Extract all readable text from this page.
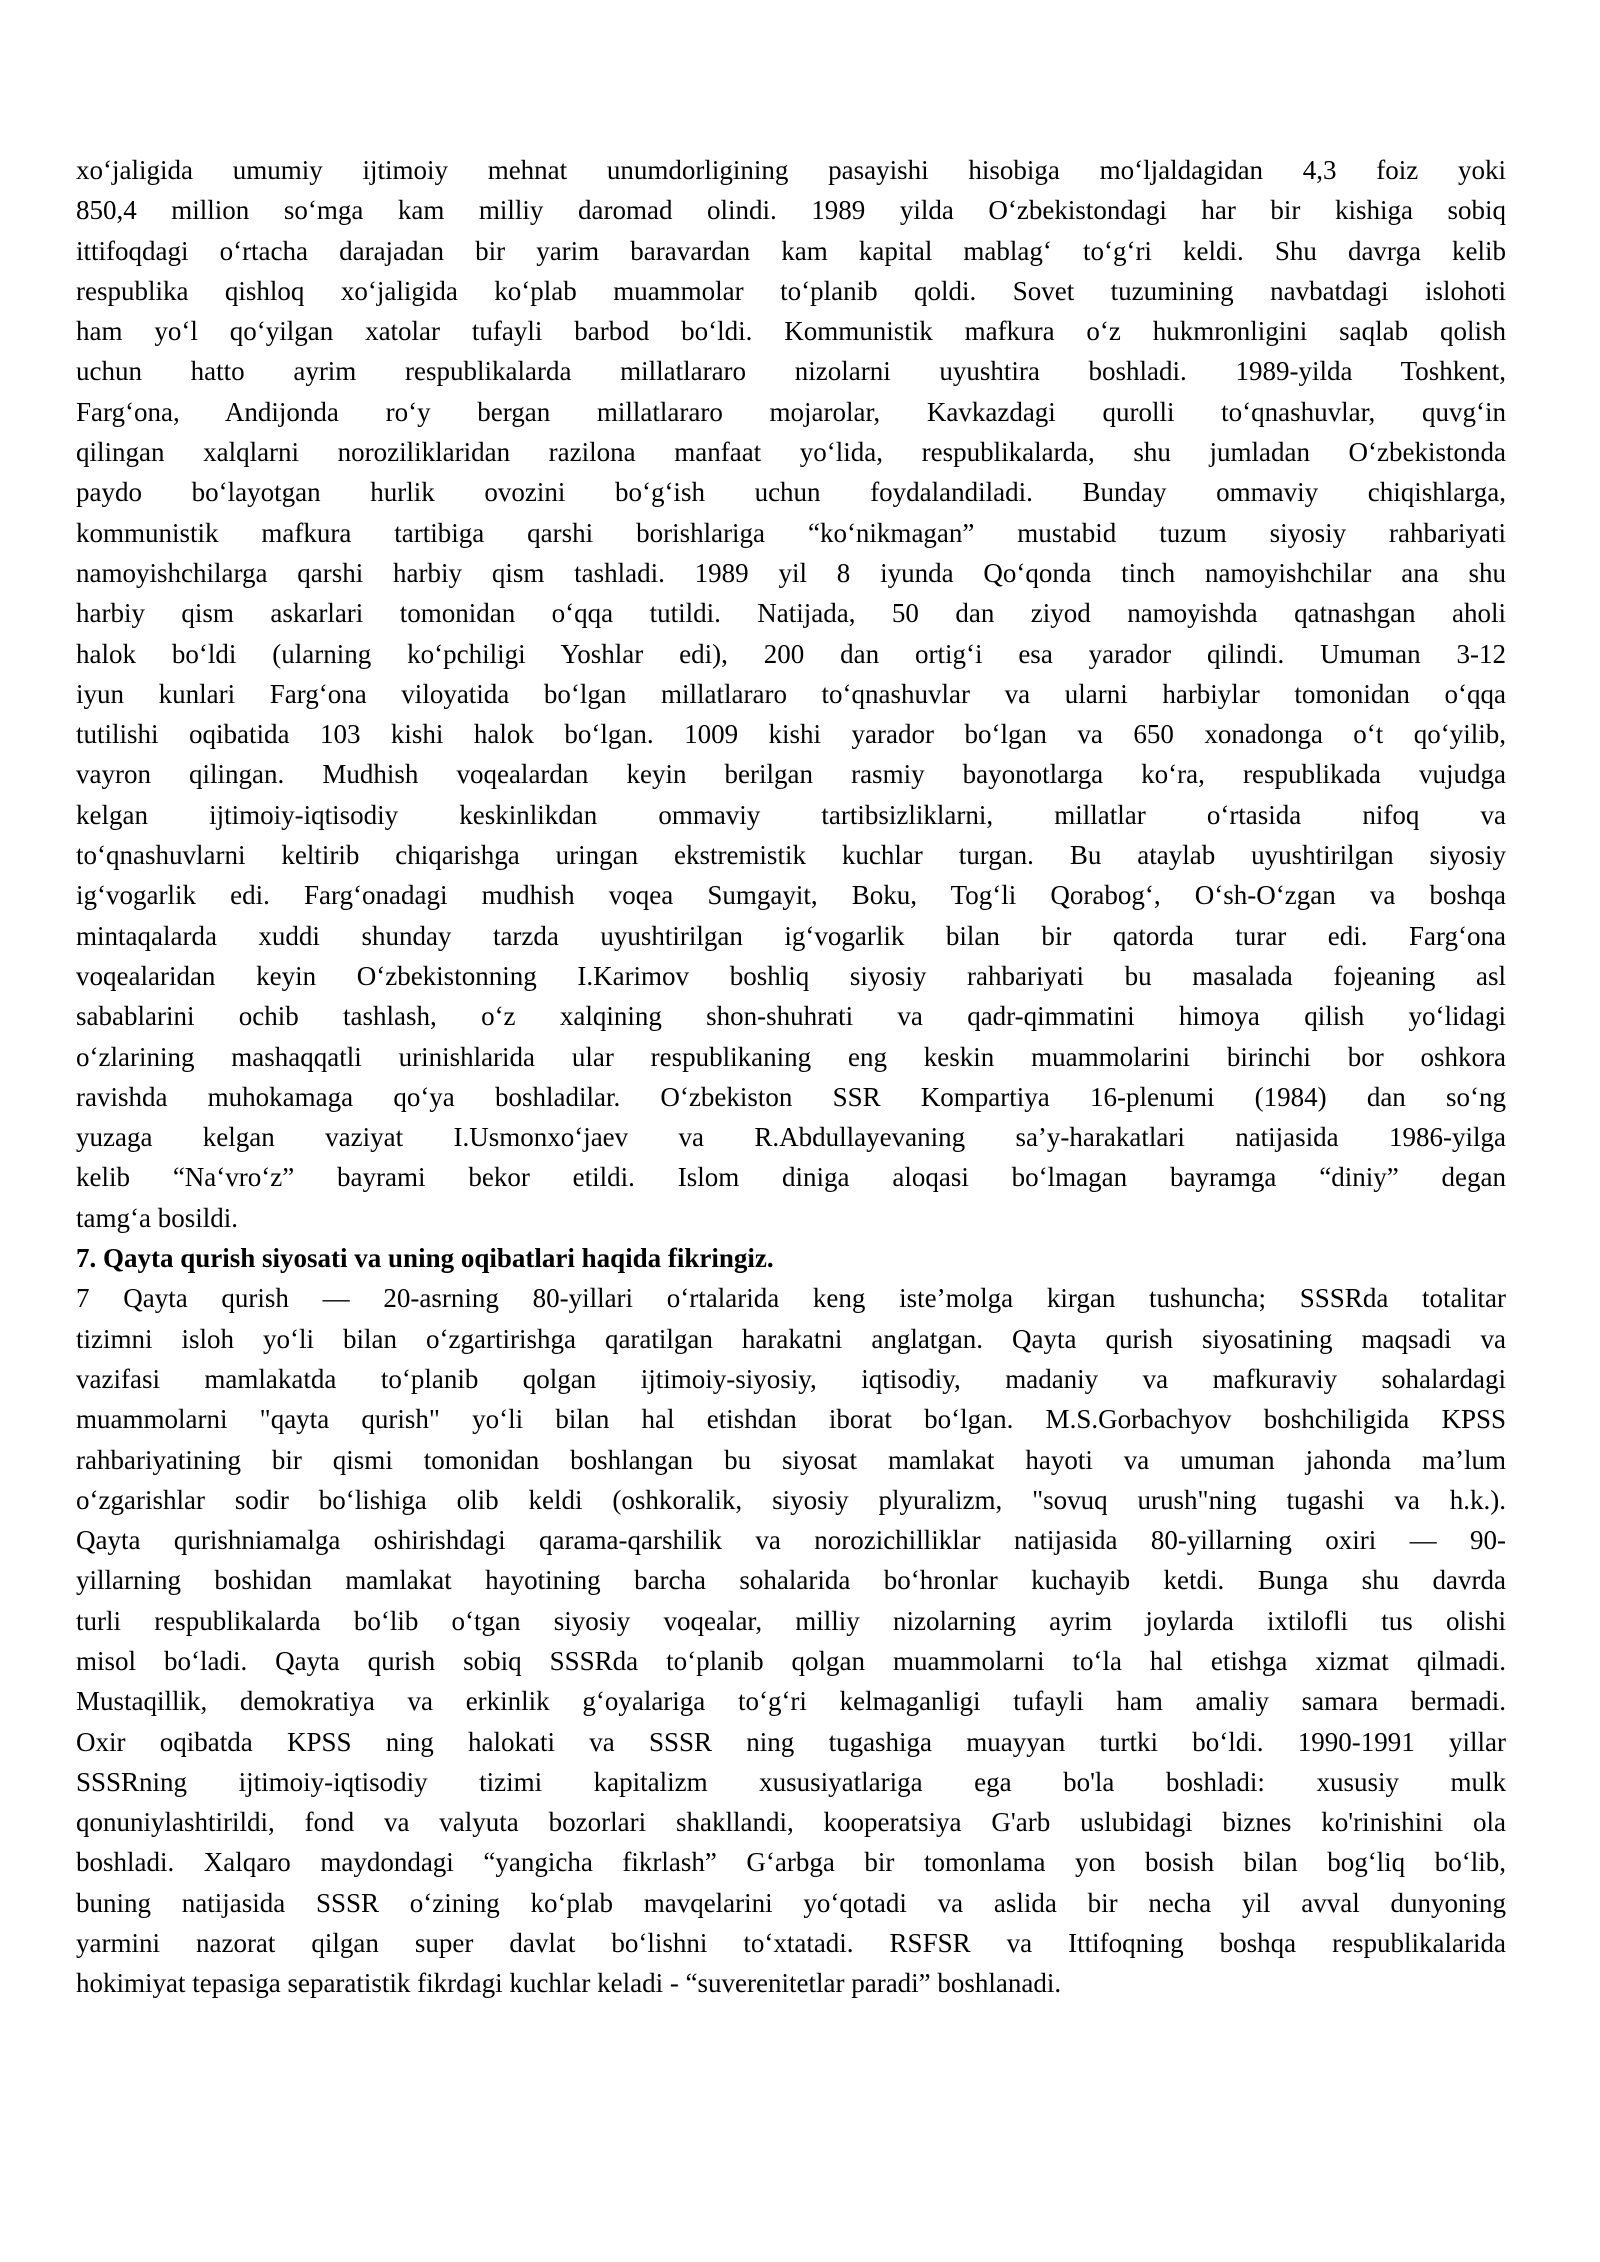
xo‘jaligida umumiy ijtimoiy mehnat unumdorligining pasayishi hisobiga mo‘ljaldagidan 4,3 foiz yoki
850,4 million so‘mga kam milliy daromad olindi. 1989 yilda O‘zbekistondagi har bir kishiga sobiq
ittifoqdagi o‘rtacha darajadan bir yarim baravardan kam kapital mablag‘ to‘g‘ri keldi. Shu davrga kelib
respublika qishloq xo‘jaligida ko‘plab muammolar to‘planib qoldi. Sovet tuzumining navbatdagi islohoti
ham yo‘l qo‘yilgan xatolar tufayli barbod bo‘ldi. Kommunistik mafkura o‘z hukmronligini saqlab qolish
uchun hatto ayrim respublikalarda millatlararo nizolarni uyushtira boshladi. 1989-yilda Toshkent,
Farg‘ona, Andijonda ro‘y bergan millatlararo mojarolar, Kavkazdagi qurolli to‘qnashuvlar, quvg‘in
qilingan xalqlarni noroziliklaridan razilona manfaat yo‘lida, respublikalarda, shu jumladan O‘zbekistonda
paydo bo‘layotgan hurlik ovozini bo‘g‘ish uchun foydalandiladi. Bunday ommaviy chiqishlarga,
kommunistik mafkura tartibiga qarshi borishlariga “ko‘nikmagan” mustabid tuzum siyosiy rahbariyati
namoyishchilarga qarshi harbiy qism tashladi. 1989 yil 8 iyunda Qo‘qonda tinch namoyishchilar ana shu
harbiy qism askarlari tomonidan o‘qqa tutildi. Natijada, 50 dan ziyod namoyishda qatnashgan aholi
halok bo‘ldi (ularning ko‘pchiligi Yoshlar edi), 200 dan ortig‘i esa yarador qilindi. Umuman 3-12
iyun kunlari Farg‘ona viloyatida bo‘lgan millatlararo to‘qnashuvlar va ularni harbiylar tomonidan o‘qqa
tutilishi oqibatida 103 kishi halok bo‘lgan. 1009 kishi yarador bo‘lgan va 650 xonadonga o‘t qo‘yilib,
vayron qilingan. Mudhish voqealardan keyin berilgan rasmiy bayonotlarga ko‘ra, respublikada vujudga
kelgan ijtimoiy-iqtisodiy keskinlikdan ommaviy tartibsizliklarni, millatlar o‘rtasida nifoq va
to‘qnashuvlarni keltirib chiqarishga uringan ekstremistik kuchlar turgan. Bu ataylab uyushtirilgan siyosiy
ig‘vogarlik edi. Farg‘onadagi mudhish voqea Sumgayit, Boku, Tog‘li Qorabog‘, O‘sh-O‘zgan va boshqa
mintaqalarda xuddi shunday tarzda uyushtirilgan ig‘vogarlik bilan bir qatorda turar edi. Farg‘ona
voqealaridan keyin O‘zbekistonning I.Karimov boshliq siyosiy rahbariyati bu masalada fojeaning asl
sabablarini ochib tashlash, o‘z xalqining shon-shuhrati va qadr-qimmatini himoya qilish yo‘lidagi
o‘zlarining mashaqqatli urinishlarida ular respublikaning eng keskin muammolarini birinchi bor oshkora
ravishda muhokamaga qo‘ya boshladilar. O‘zbekiston SSR Kompartiya 16-plenumi (1984) dan so‘ng
yuzaga kelgan vaziyat I.Usmonxo‘jaev va R.Abdullayevaning sa’y-harakatlari natijasida 1986-yilga
kelib “Na‘vro‘z” bayrami bekor etildi. Islom diniga aloqasi bo‘lmagan bayramga “diniy” degan
tamg‘a bosildi.
7. Qayta qurish siyosati va uning oqibatlari haqida fikringiz.
7 Qayta qurish — 20-asrning 80-yillari o‘rtalarida keng iste’molga kirgan tushuncha; SSSRda totalitar
tizimni isloh yo‘li bilan o‘zgartirishga qaratilgan harakatni anglatgan. Qayta qurish siyosatining maqsadi va
vazifasi mamlakatda to‘planib qolgan ijtimoiy-siyosiy, iqtisodiy, madaniy va mafkuraviy sohalardagi
muammolarni "qayta qurish" yo‘li bilan hal etishdan iborat bo‘lgan. M.S.Gorbachyov boshchiligida KPSS
rahbariyatining bir qismi tomonidan boshlangan bu siyosat mamlakat hayoti va umuman jahonda ma’lum
o‘zgarishlar sodir bo‘lishiga olib keldi (oshkoralik, siyosiy plyuralizm, "sovuq urush"ning tugashi va h.k.).
Qayta qurishniamalga oshirishdagi qarama-qarshilik va norozichilliklar natijasida 80-yillarning oxiri — 90-
yillarning boshidan mamlakat hayotining barcha sohalarida bo‘hronlar kuchayib ketdi. Bunga shu davrda
turli respublikalarda bo‘lib o‘tgan siyosiy voqealar, milliy nizolarning ayrim joylarda ixtilofli tus olishi
misol bo‘ladi. Qayta qurish sobiq SSSRda to‘planib qolgan muammolarni to‘la hal etishga xizmat qilmadi.
Mustaqillik, demokratiya va erkinlik g‘oyalariga to‘g‘ri kelmaganligi tufayli ham amaliy samara bermadi.
Oxir oqibatda KPSS ning halokati va SSSR ning tugashiga muayyan turtki bo‘ldi. 1990-1991 yillar
SSSRning ijtimoiy-iqtisodiy tizimi kapitalizm xususiyatlariga ega bo'la boshladi: xususiy mulk
qonuniylashtirildi, fond va valyuta bozorlari shakllandi, kooperatsiya G'arb uslubidagi biznes ko'rinishini ola
boshladi. Xalqaro maydondagi “yangicha fikrlash” G‘arbga bir tomonlama yon bosish bilan bog‘liq bo‘lib,
buning natijasida SSSR o‘zining ko‘plab mavqelarini yo‘qotadi va aslida bir necha yil avval dunyoning
yarmini nazorat qilgan super davlat bo‘lishni to‘xtatadi. RSFSR va Ittifoqning boshqa respublikalarida
hokimiyat tepasiga separatistik fikrdagi kuchlar keladi - “suverenitetlar paradi” boshlanadi.
